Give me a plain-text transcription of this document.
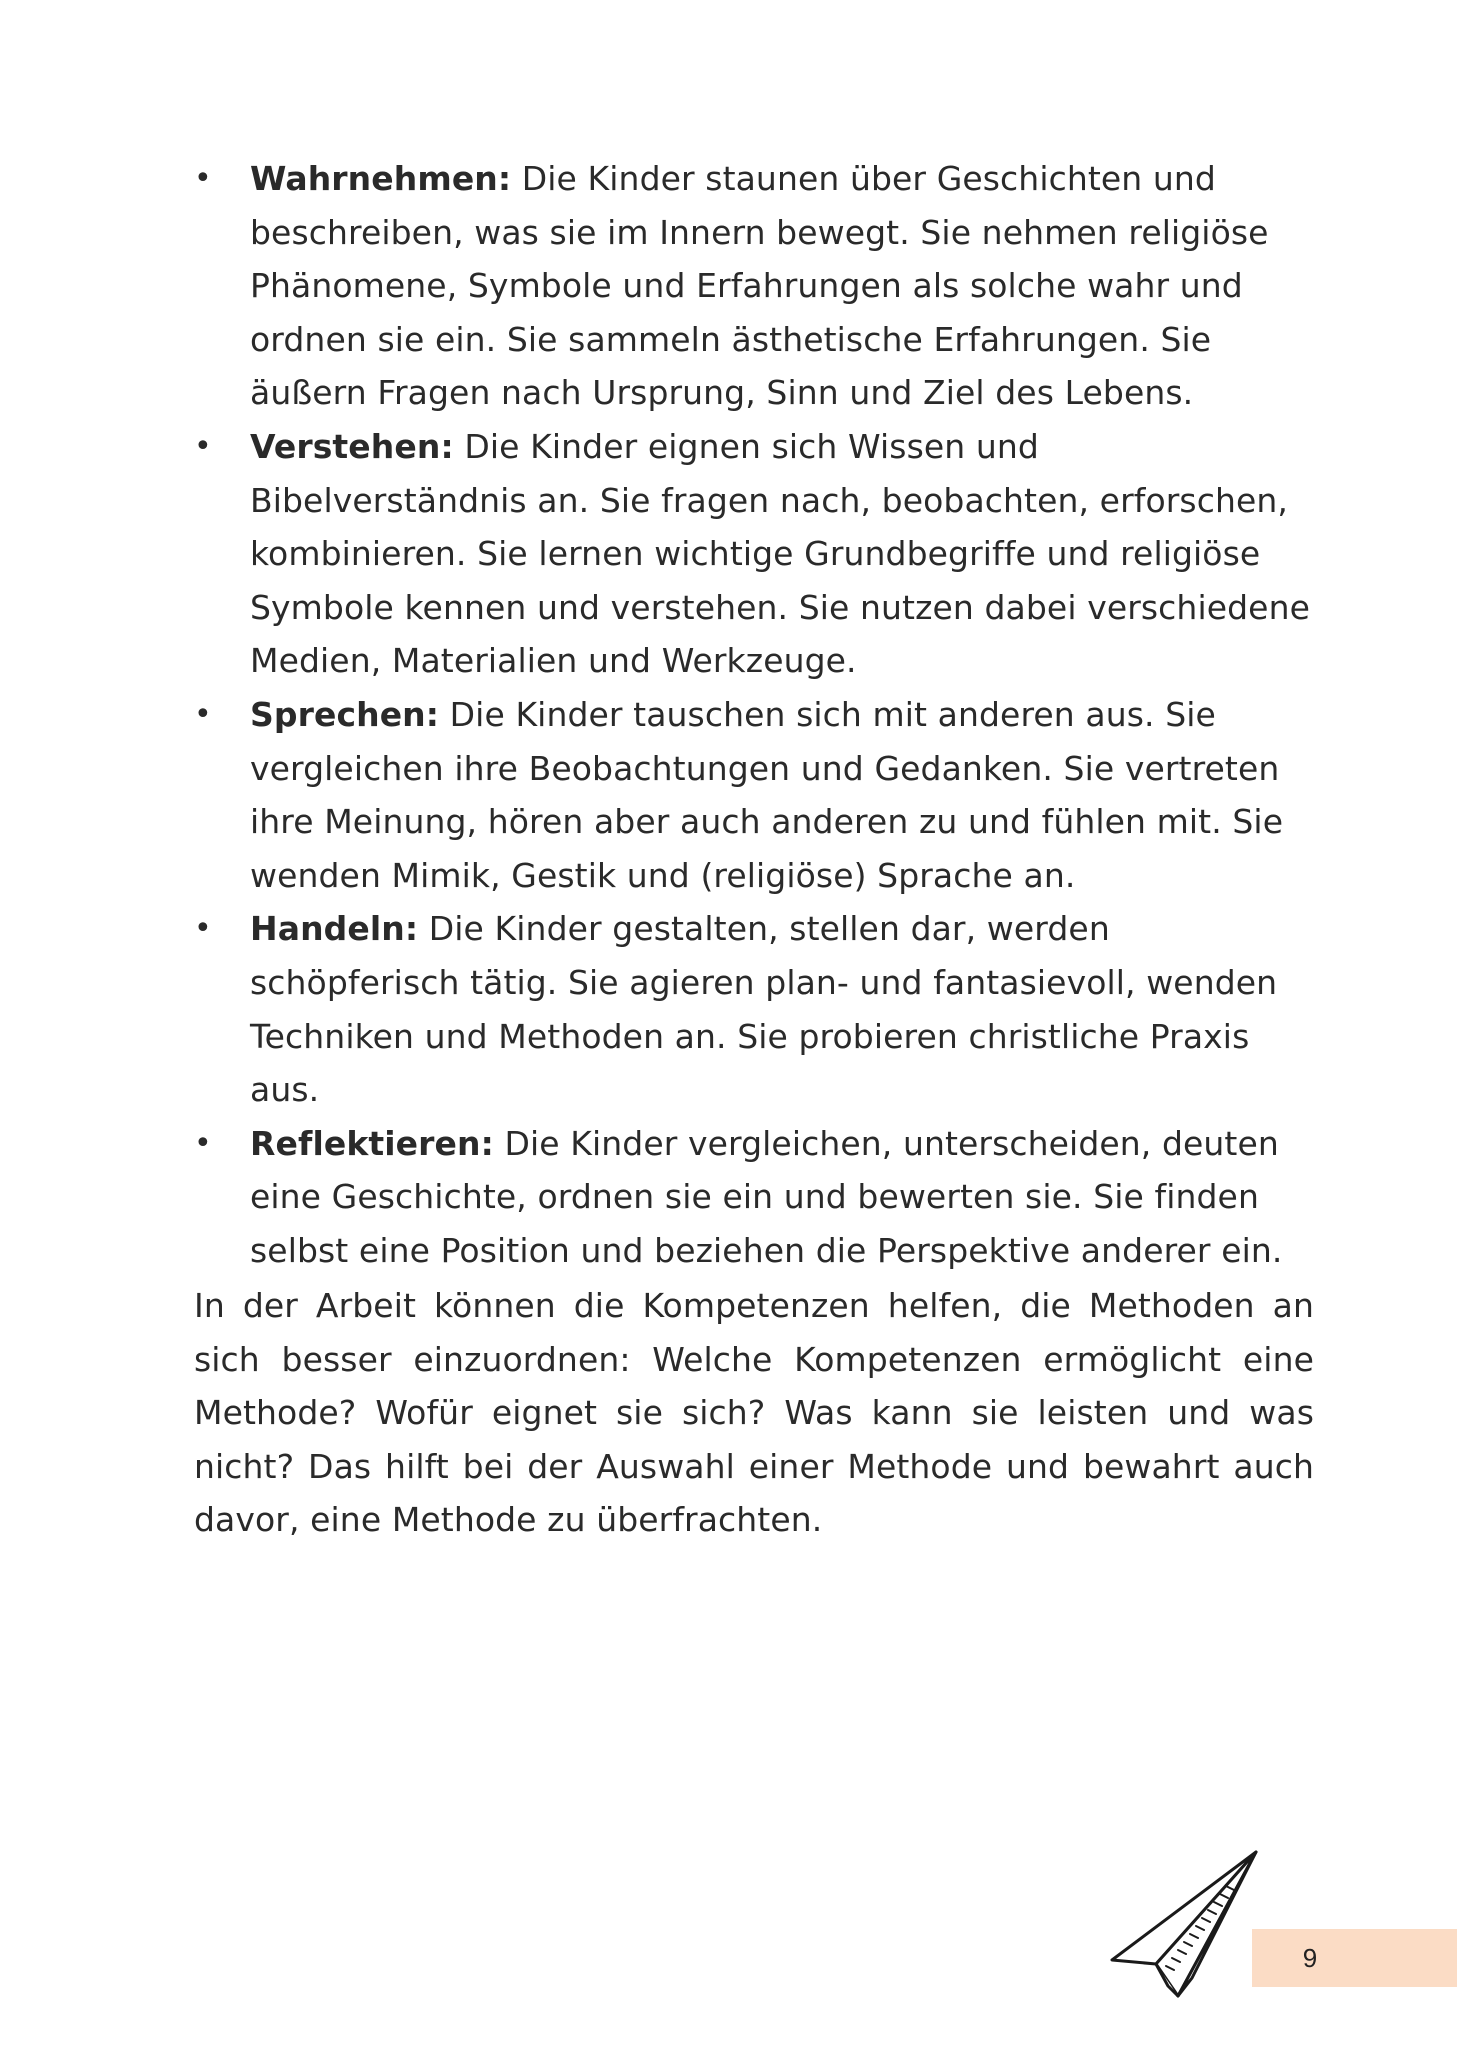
• Wahrnehmen: Die Kinder staunen über Geschichten und beschreiben, was sie im Innern bewegt. Sie nehmen religiöse Phänomene, Symbole und Erfahrungen als solche wahr und ordnen sie ein. Sie sammeln ästhetische Erfahrungen. Sie äußern Fragen nach Ursprung, Sinn und Ziel des Lebens.
• Verstehen: Die Kinder eignen sich Wissen und Bibelverständnis an. Sie fragen nach, beobachten, erforschen, kombinieren. Sie lernen wichtige Grundbegriffe und religiöse Symbole kennen und verstehen. Sie nutzen dabei verschiedene Medien, Materialien und Werkzeuge.
• Sprechen: Die Kinder tauschen sich mit anderen aus. Sie vergleichen ihre Beobachtungen und Gedanken. Sie vertreten ihre Meinung, hören aber auch anderen zu und fühlen mit. Sie wenden Mimik, Gestik und (religiöse) Sprache an.
• Handeln: Die Kinder gestalten, stellen dar, werden schöpferisch tätig. Sie agieren plan- und fantasievoll, wenden Techniken und Methoden an. Sie probieren christliche Praxis aus.
• Reflektieren: Die Kinder vergleichen, unterscheiden, deuten eine Geschichte, ordnen sie ein und bewerten sie. Sie finden selbst eine Position und beziehen die Perspektive anderer ein.

In der Arbeit können die Kompetenzen helfen, die Methoden an sich besser einzuordnen: Welche Kompetenzen ermöglicht eine Methode? Wofür eignet sie sich? Was kann sie leisten und was nicht? Das hilft bei der Auswahl einer Methode und bewahrt auch davor, eine Methode zu überfrachten.

9
